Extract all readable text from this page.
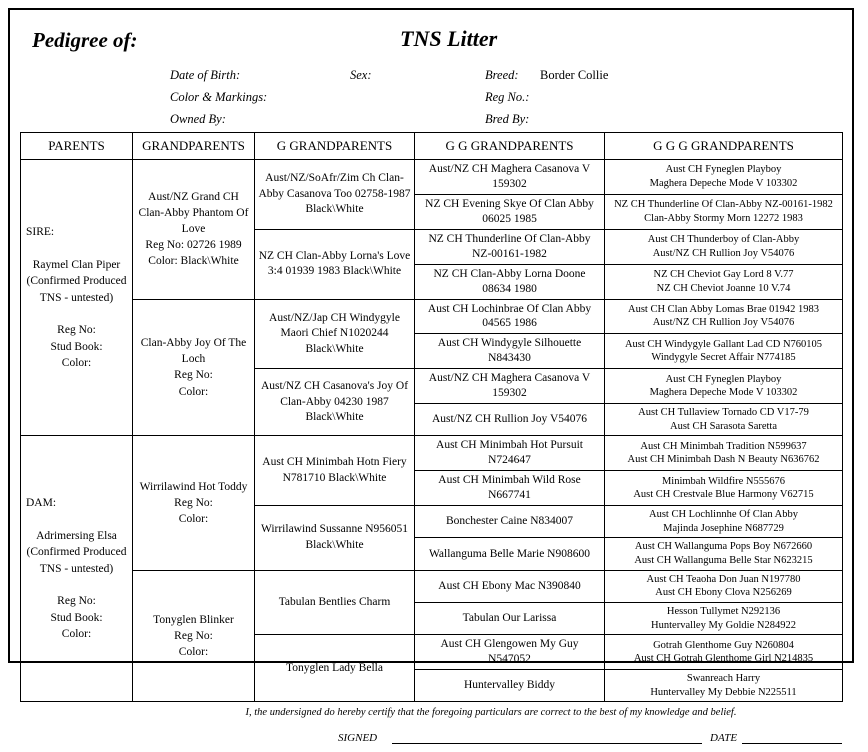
Pedigree of:	TNS Litter
Date of Birth:	Sex:	Breed: Border Collie
Color & Markings:	Reg No.:
Owned By:	Bred By:
PARENTS	GRANDPARENTS	G GRANDPARENTS	G G GRANDPARENTS	G G G GRANDPARENTS

SIRE:

Raymel Clan Piper
(Confirmed Produced TNS - untested)

Reg No:
Stud Book:
Color:	Aust/NZ Grand CH Clan-Abby Phantom Of Love
Reg No: 02726 1989
Color: Black\White	Aust/NZ/SoAfr/Zim Ch Clan-Abby Casanova Too 02758-1987 Black\White	Aust/NZ CH Maghera Casanova V 159302	
Aust CH Fyneglen Playboy
Maghera Depeche Mode V 103302

			NZ CH Evening Skye Of Clan Abby 06025 1985	NZ CH Thunderline Of Clan-Abby NZ-00161-1982
Clan-Abby Stormy Morn 12272 1983

		NZ CH Clan-Abby Lorna's Love 3:4 01939 1983 Black\White	NZ CH Thunderline Of Clan-Abby NZ-00161-1982	Aust CH Thunderboy of Clan-Abby
Aust/NZ CH Rullion Joy V54076

			NZ CH Clan-Abby Lorna Doone 08634 1980	NZ CH Cheviot Gay Lord 8 V.77
NZ CH Cheviot Joanne 10 V.74

	Clan-Abby Joy Of The Loch
Reg No:
Color:	Aust/NZ/Jap CH Windygyle Maori Chief N1020244 Black\White	Aust CH Lochinbrae Of Clan Abby 04565 1986	Aust CH Clan Abby Lomas Brae 01942 1983
Aust/NZ CH Rullion Joy V54076

			Aust CH Windygyle Silhouette N843430	Aust CH Windygyle Gallant Lad CD N760105
Windygyle Secret Affair N774185

		Aust/NZ CH Casanova's Joy Of Clan-Abby 04230 1987 Black\White	Aust/NZ CH Maghera Casanova V 159302	Aust CH Fyneglen Playboy
Maghera Depeche Mode V 103302

			Aust/NZ CH Rullion Joy V54076	Aust CH Tullaview Tornado CD V17-79
Aust CH Sarasota Saretta

DAM:

Adrimersing Elsa
(Confirmed Produced TNS - untested)

Reg No:
Stud Book:
Color:	Wirrilawind Hot Toddy
Reg No:
Color:	Aust CH Minimbah Hotn Fiery N781710 Black\White	Aust CH Minimbah Hot Pursuit N724647	
Aust CH Minimbah Tradition N599637
Aust CH Minimbah Dash N Beauty N636762

			Aust CH Minimbah Wild Rose N667741	Minimbah Wildfire N555676
Aust CH Crestvale Blue Harmony V62715

		Wirrilawind Sussanne N956051 Black\White	Bonchester Caine N834007	Aust CH Lochlinnhe Of Clan Abby
Majinda Josephine N687729

			Wallanguma Belle Marie N908600	Aust CH Wallanguma Pops Boy N672660
Aust CH Wallanguma Belle Star N623215

	Tonyglen Blinker
Reg No:
Color:	Tabulan Bentlies Charm	Aust CH Ebony Mac N390840	Aust CH Teaoha Don Juan N197780
Aust CH Ebony Clova N256269

			Tabulan Our Larissa	Hesson Tullymet N292136
Huntervalley My Goldie N284922

		Tonyglen Lady Bella	Aust CH Glengowen My Guy N547052	Gotrah Glenthome Guy N260804
Aust CH Gotrah Glenthome Girl N214835

			Huntervalley Biddy	Swanreach Harry
Huntervalley My Debbie N225511
I, the undersigned do hereby certify that the foregoing particulars are correct to the best of my knowledge and belief.
SIGNED	DATE
